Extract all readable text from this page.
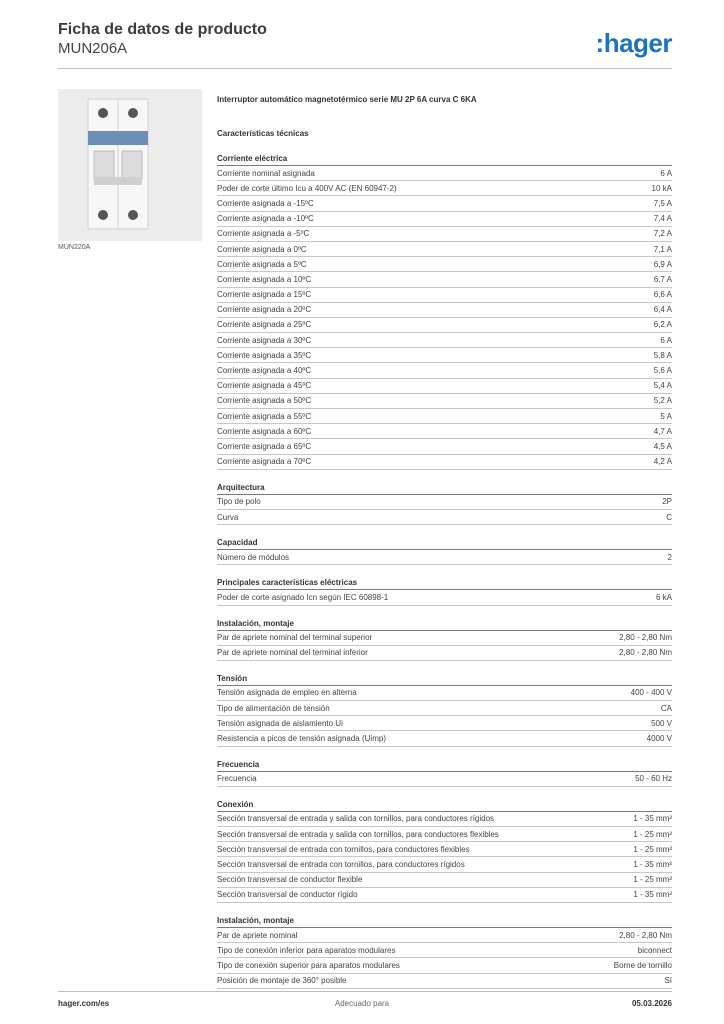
Ficha de datos de producto
MUN206A	:hager
MUN220A
Interruptor automático magnetotérmico serie MU 2P 6A curva C 6KA
Características técnicas
Corriente eléctrica
Corriente nominal asignada	6 A
Poder de corte último Icu a 400V AC (EN 60947-2)	10 kA
Corriente asignada a -15ºC	7,5 A
Corriente asignada a -10ºC	7,4 A
Corriente asignada a -5ºC	7,2 A
Corriente asignada a 0ºC	7,1 A
Corriente asignada a 5ºC	6,9 A
Corriente asignada a 10ºC	6,7 A
Corriente asignada a 15ºC	6,6 A
Corriente asignada a 20ºC	6,4 A
Corriente asignada a 25ºC	6,2 A
Corriente asignada a 30ºC	6 A
Corriente asignada a 35ºC	5,8 A
Corriente asignada a 40ºC	5,6 A
Corriente asignada a 45ºC	5,4 A
Corriente asignada a 50ºC	5,2 A
Corriente asignada a 55ºC	5 A
Corriente asignada a 60ºC	4,7 A
Corriente asignada a 65ºC	4,5 A
Corriente asignada a 70ºC	4,2 A
Arquitectura
Tipo de polo	2P
Curva	C
Capacidad
Número de módulos	2
Principales características eléctricas
Poder de corte asignado Icn según IEC 60898-1	6 kA
Instalación, montaje
Par de apriete nominal del terminal superior	2,80 - 2,80 Nm
Par de apriete nominal del terminal inferior	2,80 - 2,80 Nm
Tensión
Tensión asignada de empleo en alterna	400 - 400 V
Tipo de alimentación de tensión	CA
Tensión asignada de aislamiento Ui	500 V
Resistencia a picos de tensión asignada (Uimp)	4000 V
Frecuencia
Frecuencia	50 - 60 Hz
Conexión
Sección transversal de entrada y salida con tornillos, para conductores rígidos	1 - 35 mm²
Sección transversal de entrada y salida con tornillos, para conductores flexibles	1 - 25 mm²
Sección transversal de entrada con tornillos, para conductores flexibles	1 - 25 mm²
Sección transversal de entrada con tornillos, para conductores rígidos	1 - 35 mm²
Sección transversal de conductor flexible	1 - 25 mm²
Sección transversal de conductor rígido	1 - 35 mm²
Instalación, montaje
Par de apriete nominal	2,80 - 2,80 Nm
Tipo de conexión inferior para aparatos modulares	biconnect
Tipo de conexión superior para aparatos modulares	Borne de tornillo
Posición de montaje de 360° posible	Sí
hager.com/es	Adecuado para	05.03.2026
